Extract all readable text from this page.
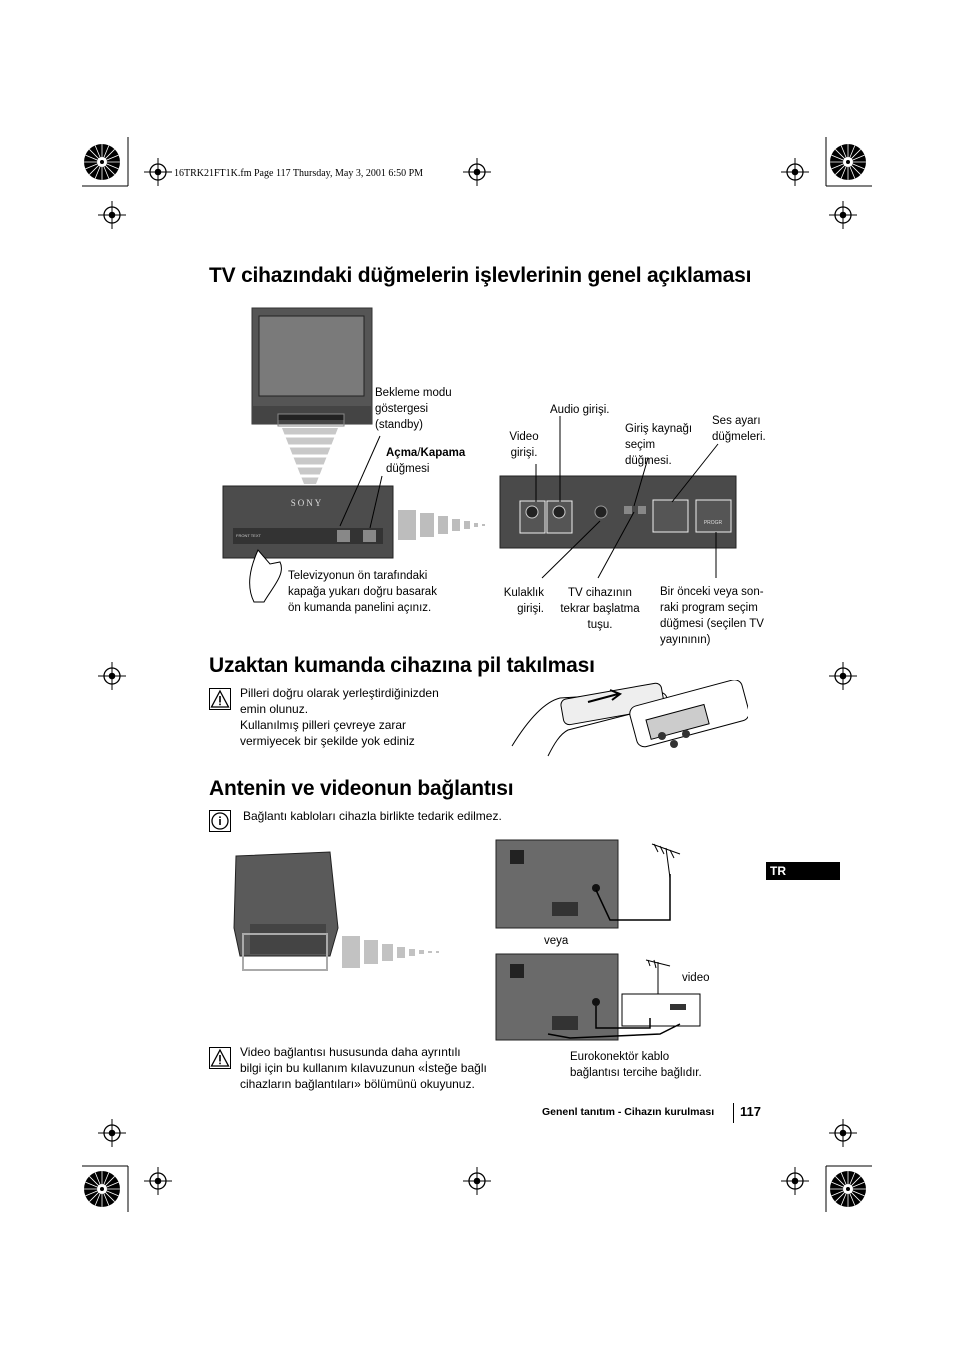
16TRK21FT1K.fm Page 117 Thursday, May 3, 2001 6:50 PM
TV cihazındaki düğmelerin işlevlerinin genel açıklaması
SONY
FRONT TEXT
PROGR
Bekleme modu
göstergesi
(standby)
Açma/Kapama
düğmesi
Televizyonun ön tarafındaki
kapağa yukarı doğru basarak
ön kumanda panelini açınız.
Video
girişi.
Audio girişi.
Giriş kaynağı
seçim
düğmesi.
Ses ayarı
düğmeleri.
Kulaklık
girişi.
TV cihazının
tekrar başlatma
tuşu.
Bir önceki veya son-
raki program seçim
düğmesi (seçilen TV
yayınının)
Uzaktan kumanda cihazına pil takılması
Pilleri doğru olarak yerleştirdiğinizden
emin olunuz.
Kullanılmış pilleri çevreye zarar
vermiyecek bir şekilde yok ediniz
Antenin ve videonun bağlantısı
Bağlantı kabloları cihazla birlikte tedarik edilmez.
veya
video
TR
Video bağlantısı hususunda daha ayrıntılı
bilgi için bu kullanım kılavuzunun «İsteğe bağlı
cihazların bağlantıları» bölümünü okuyunuz.
Eurokonektör kablo
bağlantısı tercihe bağlıdır.
Genenl tanıtım - Cihazın kurulması 117
